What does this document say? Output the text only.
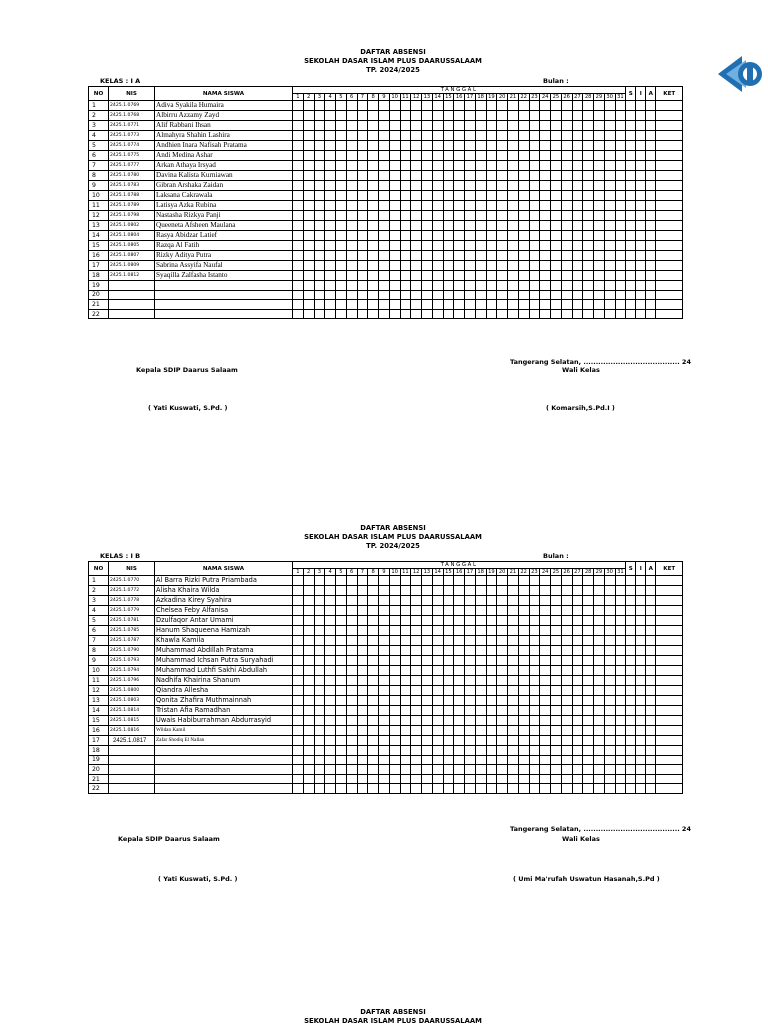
DAFTAR ABSENSI
SEKOLAH DASAR ISLAM PLUS DAARUSSALAAM
TP. 2024/2025
KELAS : I A	Bulan :
NO	NIS	NAMA SISWA	TANGGAL																															S	I	A	KET
			1	2	3	4	5	6	7	8	9	10	11	12	13	14	15	16	17	18	19	20	21	22	23	24	25	26	27	28	29	30	31				
1	2425.1.0769	Adiva Syakila Humaira																																			
2	2425.1.0768	Albirru Azzamy Zayd																																			
3	2425.1.0771	Alif Rabbani Ihsan																																			
4	2425.1.0773	Almahyra Shahin Lashira																																			
5	2425.1.0774	Andhien Inara Nafisah Pratama																																			
6	2425.1.0775	Andi Medina Ashar																																			
7	2425.1.0777	Arkan Athaya Irsyad																																			
8	2425.1.0780	Davina Kalista Kurniawan																																			
9	2425.1.0783	Gibran Arshaka Zaidan																																			
10	2425.1.0788	Laksana Cakrawala																																			
11	2425.1.0789	Latisya Azka Rubina																																			
12	2425.1.0798	Nastasha Rizkya Panji																																			
13	2425.1.0802	Queeneta Afsheen Maulana																																			
14	2425.1.0804	Rasya Abidzar Latief																																			
15	2425.1.0805	Razqa Al Fatih																																			
16	2425.1.0807	Rizky Aditya Putra																																			
17	2425.1.0809	Sabrina Assyifa Naufal																																			
18	2425.1.0812	Syaqilla Zalfasha Istanto																																			
19																																					
20																																					
21																																					
22																																					
Tangerang Selatan, ....................................... 24
Wali Kelas
Kepala SDIP Daarus Salaam
( Yati Kuswati, S.Pd. )	( Komarsih,S.Pd.I )
DAFTAR ABSENSI
SEKOLAH DASAR ISLAM PLUS DAARUSSALAAM
TP. 2024/2025
KELAS : I B	Bulan :
NO	NIS	NAMA SISWA	TANGGAL																															S	I	A	KET
			1	2	3	4	5	6	7	8	9	10	11	12	13	14	15	16	17	18	19	20	21	22	23	24	25	26	27	28	29	30	31				
1	2425.1.0770	Al Barra Rizki Putra Priambada																																			
2	2425.1.0772	Alisha Khaira Wilda																																			
3	2425.1.0778	Azkadina Kirey Syahira																																			
4	2425.1.0779	Chelsea Feby Alfanisa																																			
5	2425.1.0781	Dzulfaqor Antar Umami																																			
6	2425.1.0785	Hanum Shaqueena Hamizah																																			
7	2425.1.0787	Khawla Kamila																																			
8	2425.1.0790	Muhammad Abdillah Pratama																																			
9	2425.1.0793	Muhammad Ichsan Putra Suryahadi																																			
10	2425.1.0794	Muhammad Luthfi Sakhi Abdullah																																			
11	2425.1.0796	Nadhifa Khairina Shanum																																			
12	2425.1.0800	Qiandra Allesha																																			
13	2425.1.0803	Qonita Zhafira Muthmainnah																																			
14	2425.1.0814	Tristan Afia Ramadhan																																			
15	2425.1.0815	Uwais Habiburrahman Abdurrasyid																																			
16	2425.1.0816	Wildan Kamil																																			
17	2425.1.0817	Zafar Shodiq El Nallan																																			
18																																					
19																																					
20																																					
21																																					
22																																					
Tangerang Selatan, ....................................... 24
Wali Kelas
Kepala SDIP Daarus Salaam
( Yati Kuswati, S.Pd. )	( Umi Ma'rufah Uswatun Hasanah,S.Pd )
DAFTAR ABSENSI
SEKOLAH DASAR ISLAM PLUS DAARUSSALAAM
